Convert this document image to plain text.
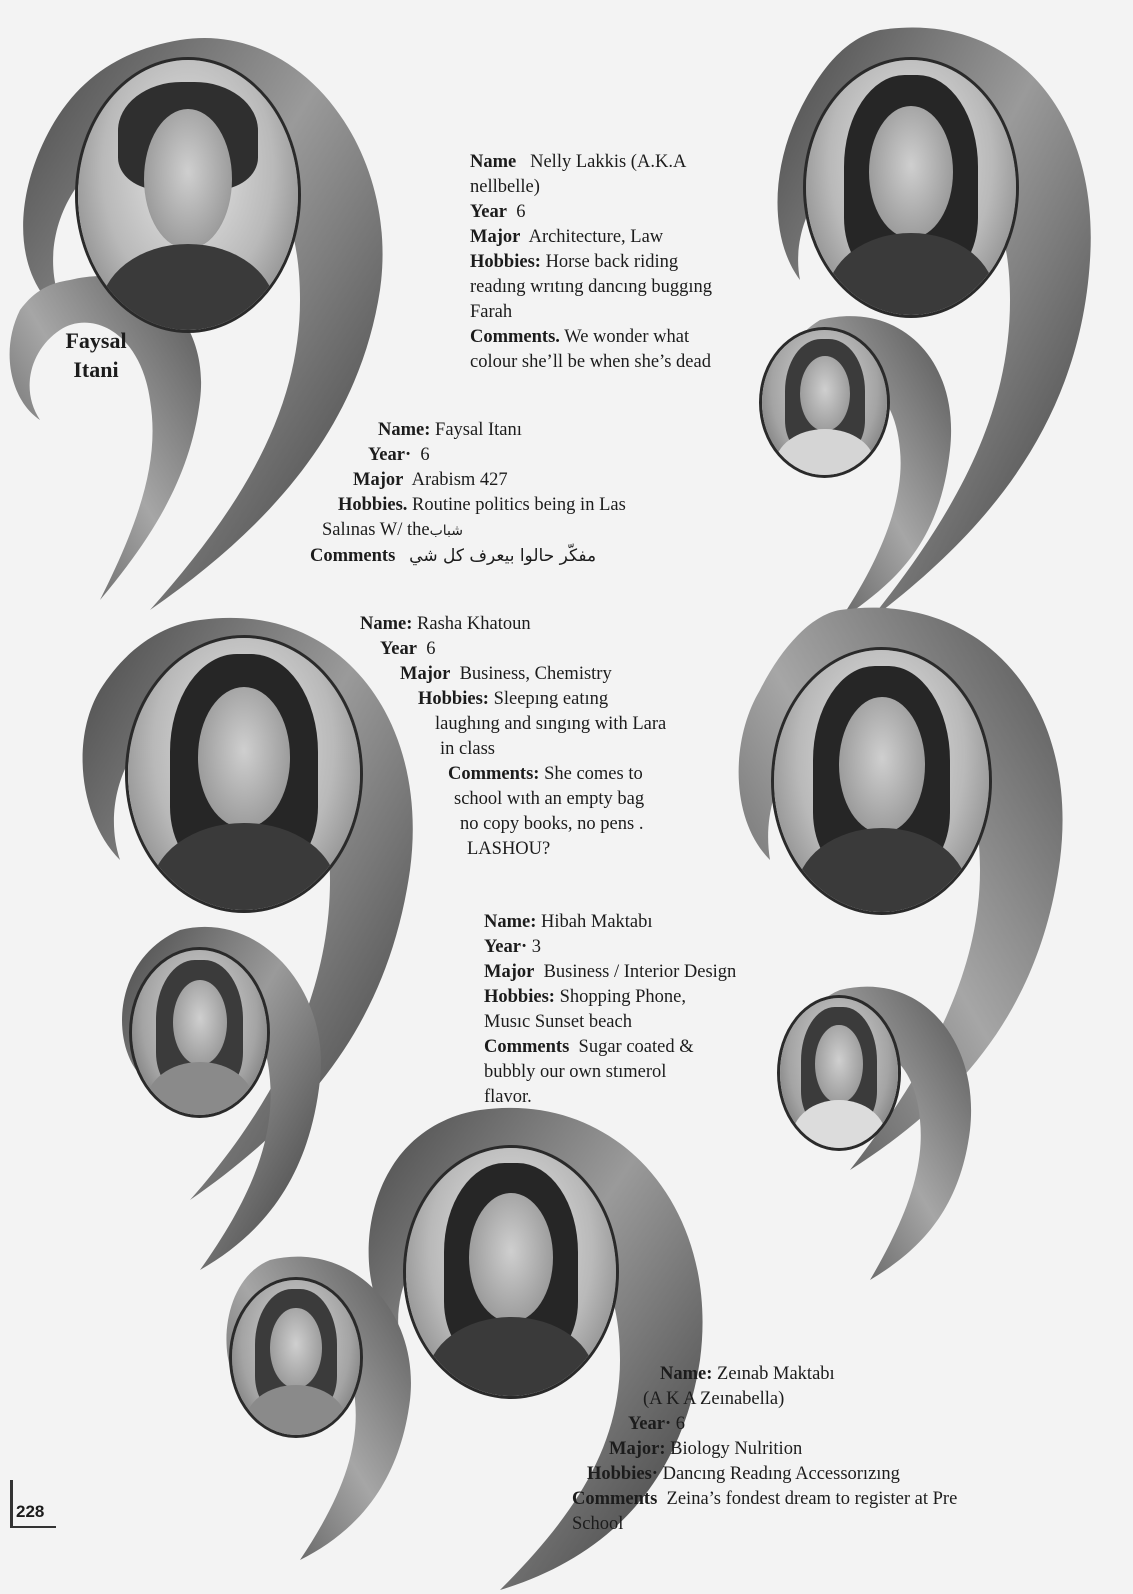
Faysal
Itani
Name Nelly Lakkis (A.K.A
nellbelle)
Year 6
Major Architecture, Law
Hobbies: Horse back riding
readıng wrıtıng dancıng buggıng
Farah
Comments. We wonder what
colour she’ll be when she’s dead
Name: Faysal Itanı
Year· 6
Major Arabism 427
Hobbies. Routine politics being in Las
Salınas W/ theشباب
Comments مفكّر حالوا بيعرف كل شي
Name: Rasha Khatoun
Year 6
Major Business, Chemistry
Hobbies: Sleepıng eatıng
laughıng and sıngıng with Lara
in class
Comments: She comes to
school wıth an empty bag
no copy books, no pens .
LASHOU?
Name: Hibah Maktabı
Year· 3
Major Business / Interior Design
Hobbies: Shopping Phone,
Musıc Sunset beach
Comments Sugar coated &
bubbly our own stımerol
flavor.
Name: Zeınab Maktabı
(A K A Zeınabella)
Year· 6
Major: Biology Nulrition
Hobbies· Dancıng Readıng Accessorızıng
Comments Zeina’s fondest dream to register at Pre
School
228
